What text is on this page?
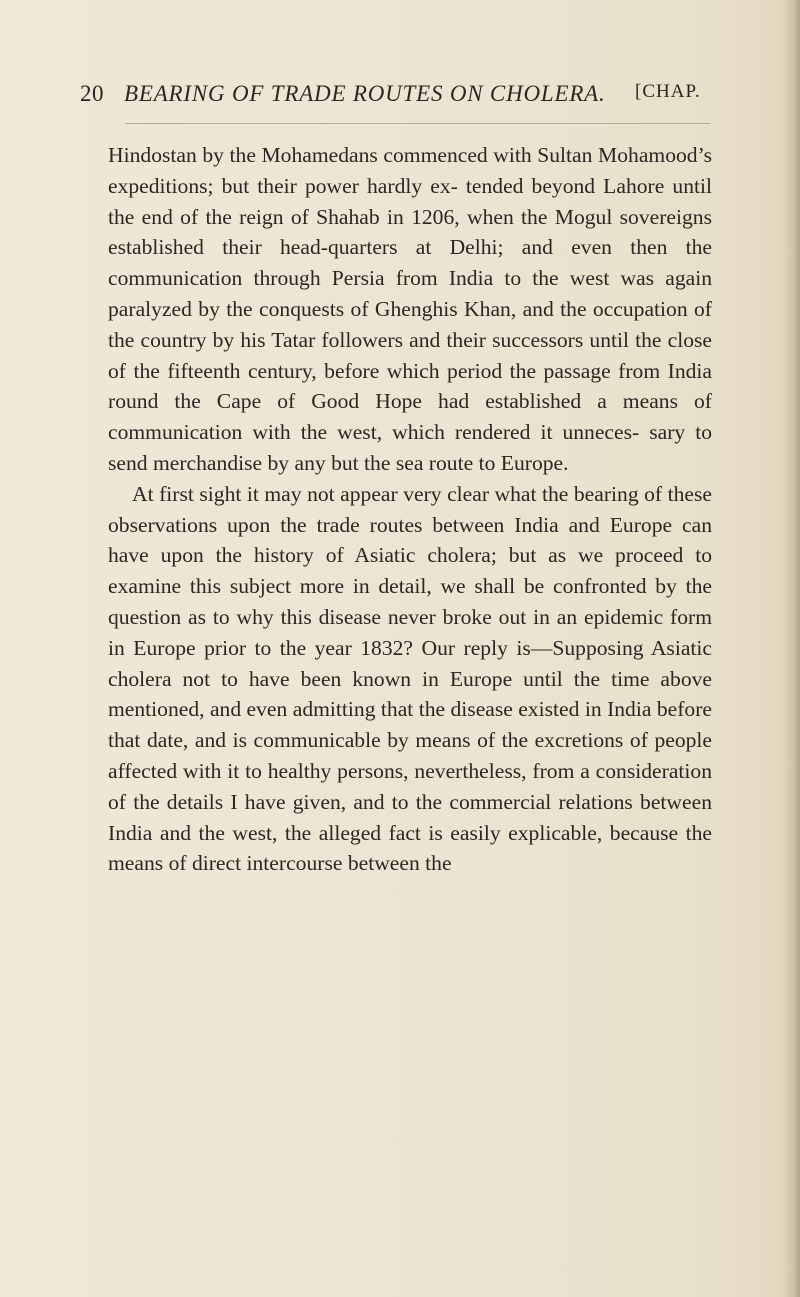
20 BEARING OF TRADE ROUTES ON CHOLERA. [CHAP.

Hindostan by the Mohamedans commenced with Sultan Mohamood’s expeditions; but their power hardly ex- tended beyond Lahore until the end of the reign of Shahab in 1206, when the Mogul sovereigns established their head-quarters at Delhi; and even then the communication through Persia from India to the west was again paralyzed by the conquests of Ghenghis Khan, and the occupation of the country by his Tatar followers and their successors until the close of the fifteenth century, before which period the passage from India round the Cape of Good Hope had established a means of communication with the west, which rendered it unneces- sary to send merchandise by any but the sea route to Europe.

At first sight it may not appear very clear what the bearing of these observations upon the trade routes between India and Europe can have upon the history of Asiatic cholera; but as we proceed to examine this subject more in detail, we shall be confronted by the question as to why this disease never broke out in an epidemic form in Europe prior to the year 1832? Our reply is—Supposing Asiatic cholera not to have been known in Europe until the time above mentioned, and even admitting that the disease existed in India before that date, and is communicable by means of the excretions of people affected with it to healthy persons, nevertheless, from a consideration of the details I have given, and to the commercial relations between India and the west, the alleged fact is easily explicable, because the means of direct intercourse between the
